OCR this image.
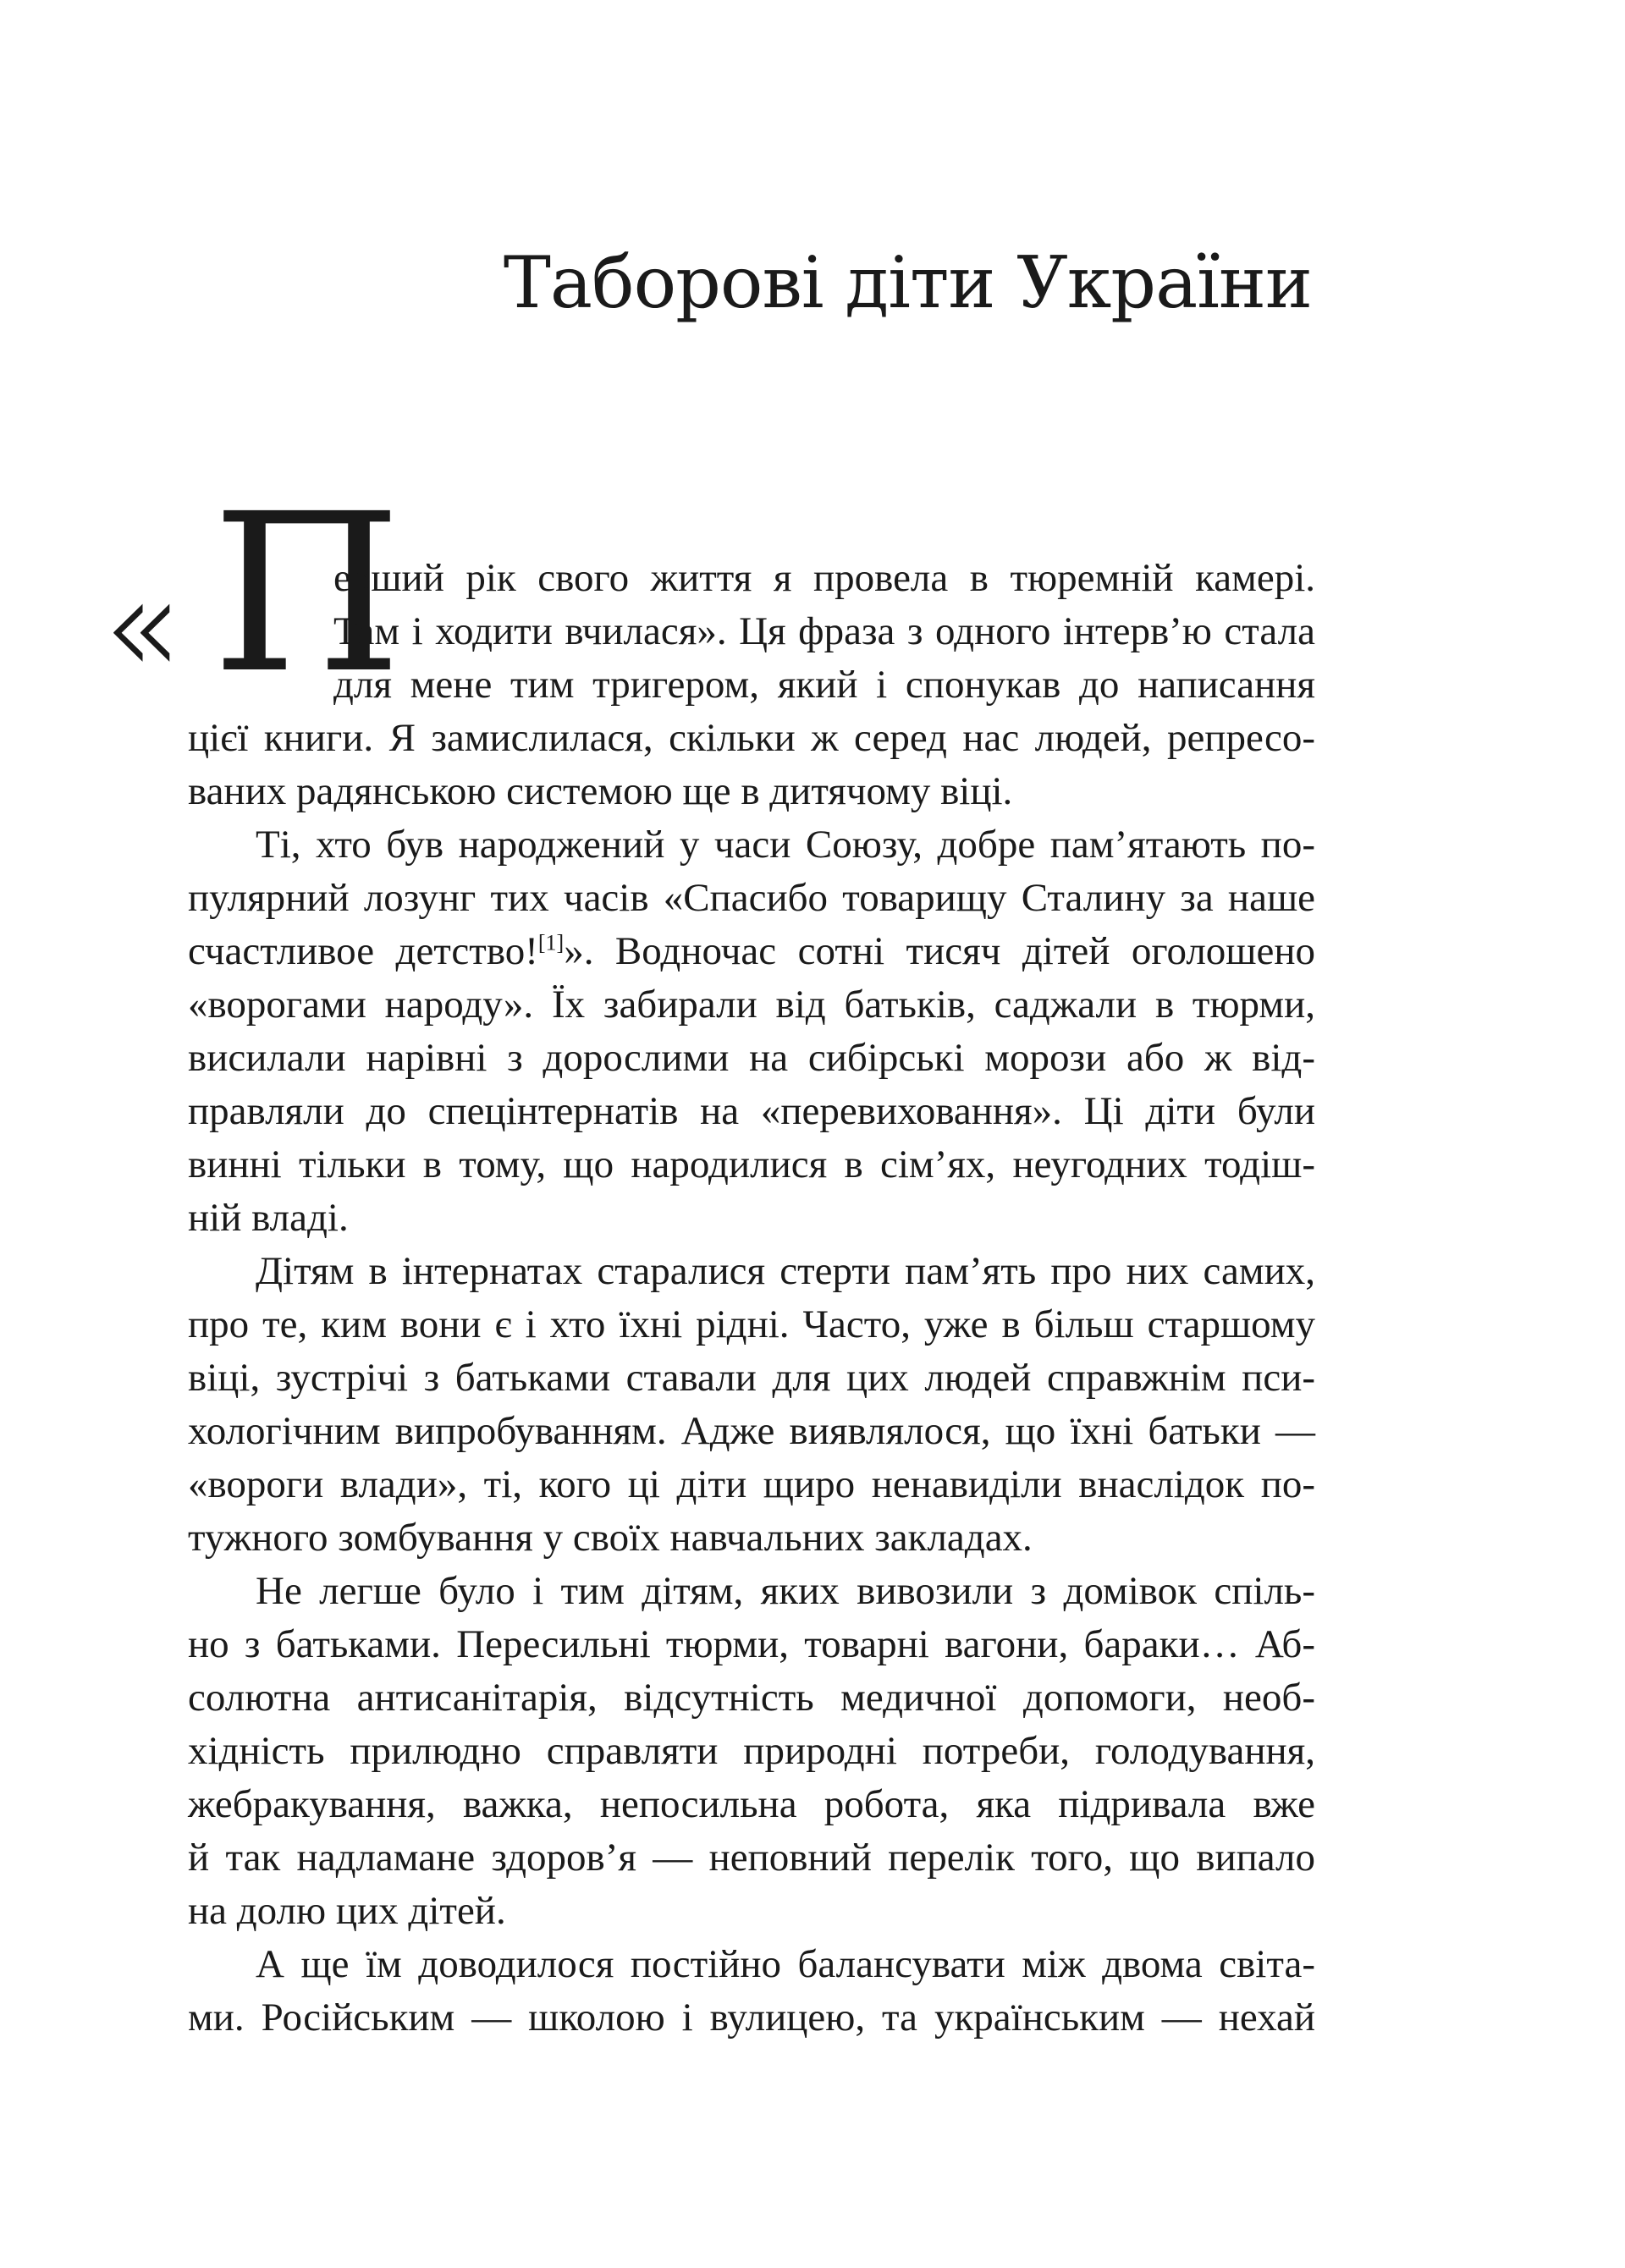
Таборові діти України
« П
ерший рік свого життя я провела в тюремній камері.
Там і ходити вчилася». Ця фраза з одного інтерв’ю стала
для мене тим тригером, який і спонукав до написання
цієї книги. Я замислилася, скільки ж серед нас людей, репресо-
ваних радянською системою ще в дитячому віці.
Ті, хто був народжений у часи Союзу, добре пам’ятають по-
пулярний лозунг тих часів «Спасибо товарищу Сталину за наше
счастливое детство![1]». Водночас сотні тисяч дітей оголошено
«ворогами народу». Їх забирали від батьків, саджали в тюрми,
висилали нарівні з дорослими на сибірські морози або ж від-
правляли до спецінтернатів на «перевиховання». Ці діти були
винні тільки в тому, що народилися в сім’ях, неугодних тодіш-
ній владі.
Дітям в інтернатах старалися стерти пам’ять про них самих,
про те, ким вони є і хто їхні рідні. Часто, уже в більш старшому
віці, зустрічі з батьками ставали для цих людей справжнім пси-
хологічним випробуванням. Адже виявлялося, що їхні батьки —
«вороги влади», ті, кого ці діти щиро ненавиділи внаслідок по-
тужного зомбування у своїх навчальних закладах.
Не легше було і тим дітям, яких вивозили з домівок спіль-
но з батьками. Пересильні тюрми, товарні вагони, бараки… Аб-
солютна антисанітарія, відсутність медичної допомоги, необ-
хідність прилюдно справляти природні потреби, голодування,
жебракування, важка, непосильна робота, яка підривала вже
й так надламане здоров’я — неповний перелік того, що випало
на долю цих дітей.
А ще їм доводилося постійно балансувати між двома світа-
ми. Російським — школою і вулицею, та українським — нехай
